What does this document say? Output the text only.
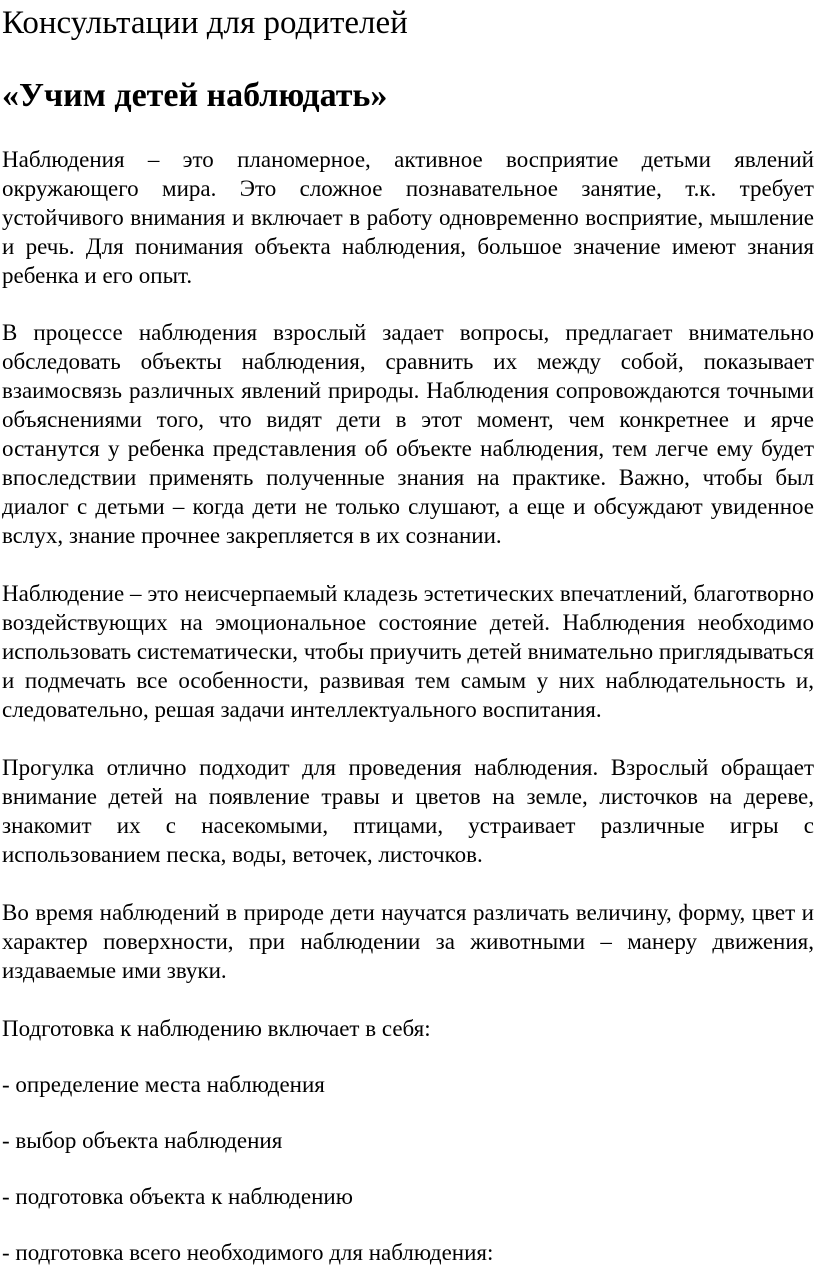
Консультации для родителей
«Учим детей наблюдать»

Наблюдения – это планомерное, активное восприятие детьми явлений окружающего мира. Это сложное познавательное занятие, т.к. требует устойчивого внимания и включает в работу одновременно восприятие, мышление и речь. Для понимания объекта наблюдения, большое значение имеют знания ребенка и его опыт.

В процессе наблюдения взрослый задает вопросы, предлагает внимательно обследовать объекты наблюдения, сравнить их между собой, показывает взаимосвязь различных явлений природы. Наблюдения сопровождаются точными объяснениями того, что видят дети в этот момент, чем конкретнее и ярче останутся у ребенка представления об объекте наблюдения, тем легче ему будет впоследствии применять полученные знания на практике. Важно, чтобы был диалог с детьми – когда дети не только слушают, а еще и обсуждают увиденное вслух, знание прочнее закрепляется в их сознании.

Наблюдение – это неисчерпаемый кладезь эстетических впечатлений, благотворно воздействующих на эмоциональное состояние детей. Наблюдения необходимо использовать систематически, чтобы приучить детей внимательно приглядываться и подмечать все особенности, развивая тем самым у них наблюдательность и, следовательно, решая задачи интеллектуального воспитания.

Прогулка отлично подходит для проведения наблюдения. Взрослый обращает внимание детей на появление травы и цветов на земле, листочков на дереве, знакомит их с насекомыми, птицами, устраивает различные игры с использованием песка, воды, веточек, листочков.

Во время наблюдений в природе дети научатся различать величину, форму, цвет и характер поверхности, при наблюдении за животными – манеру движения, издаваемые ими звуки.

Подготовка к наблюдению включает в себя:

- определение места наблюдения

- выбор объекта наблюдения

- подготовка объекта к наблюдению

- подготовка всего необходимого для наблюдения:
